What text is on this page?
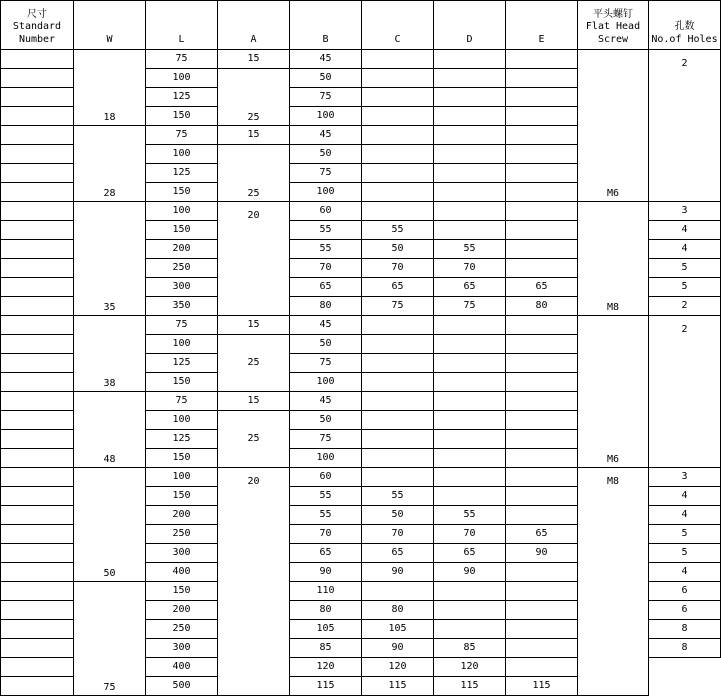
尺寸
Standard
Number	W	L	A	B	C	D	E	平头螺钉
Flat Head
Screw	孔数
No.of Holes

	18	75	15	45				M6	2
		100	25	50					
		125		75					
		150		100					
	28	75	15	45					
		100	25	50					
		125		75					
		150		100					
	35	100	20	60				M8	3
		150		55	55				4
		200		55	50	55			4
		250		70	70	70			5
		300		65	65	65	65		5
		350		80	75	75	80		2
	38	75	15	45				M6	2
		100	25	50					
		125		75					
		150		100					
	48	75	15	45					
		100	25	50					
		125		75					
		150		100					
	50	100	20	60				M8	3
		150		55	55				4
		200		55	50	55			4
		250		70	70	70	65		5
		300		65	65	65	90		5
		400		90	90	90			4
	75	150		110					6
		200		80	80				6
		250		105	105				8
		300		85	90	85			8
		400		120	120	120			
		500		115	115	115	115		
